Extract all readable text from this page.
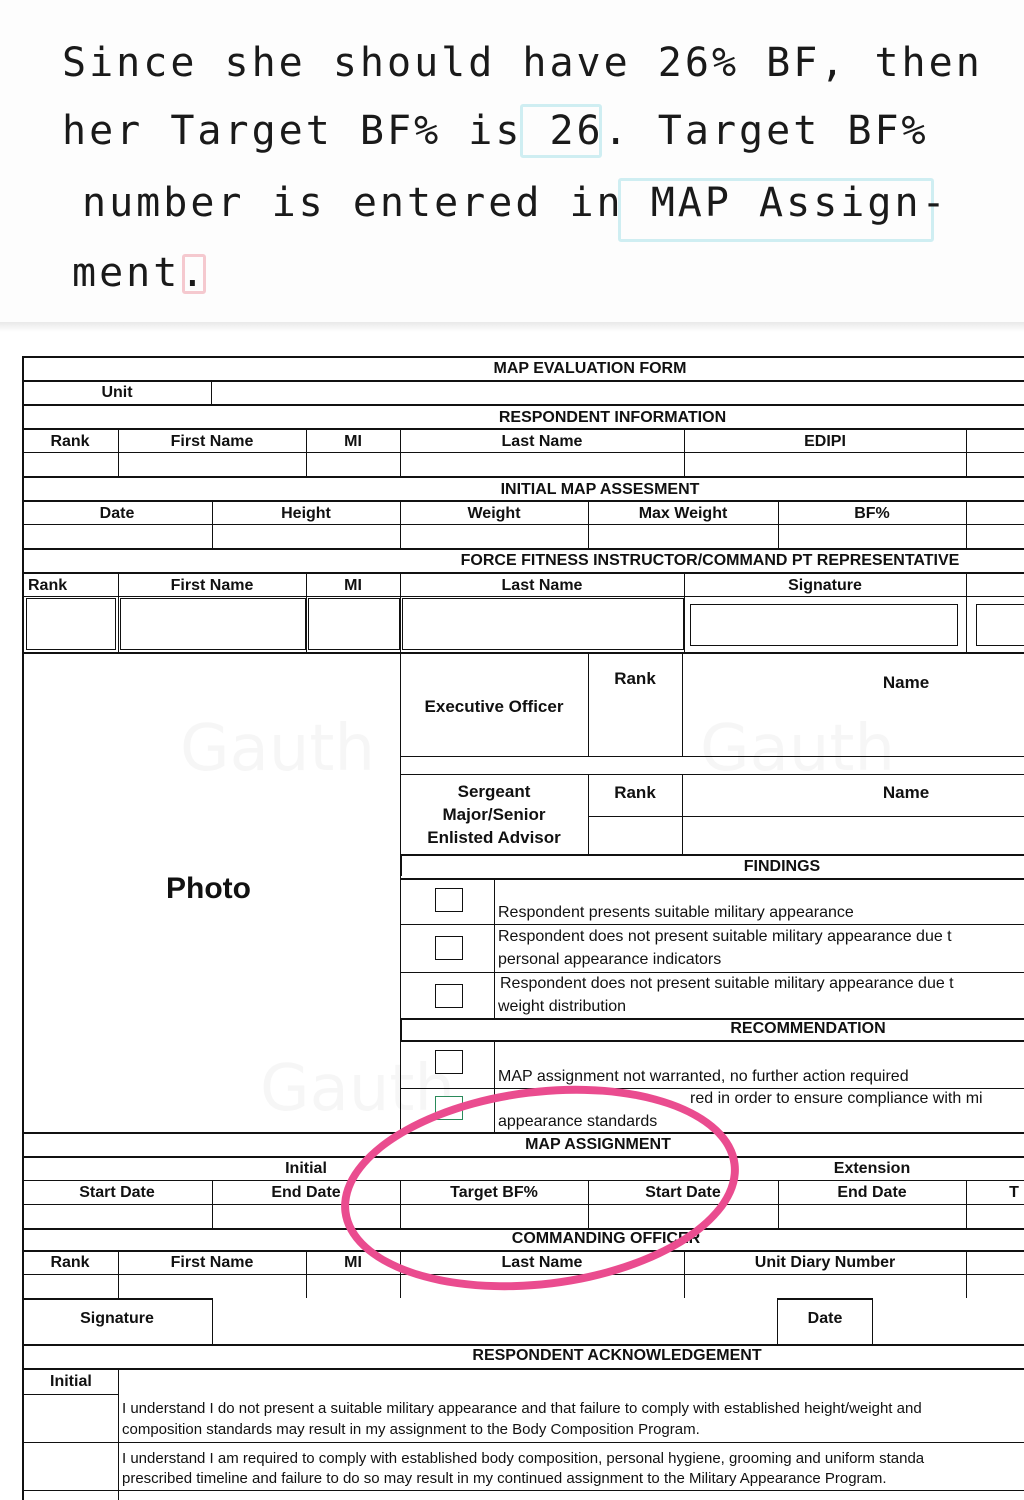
Since she should have 26% BF, then
her Target BF% is 26. Target BF%
number is entered in MAP Assign-
ment.
MAP EVALUATION FORM
Unit
RESPONDENT INFORMATION
Rank	First Name	MI	Last Name	EDIPI
INITIAL MAP ASSESMENT
Date	Height	Weight	Max Weight	BF%
FORCE FITNESS INSTRUCTOR/COMMAND PT REPRESENTATIVE
Rank	First Name	MI	Last Name	Signature
Photo
Executive Officer
Rank	Name
Sergeant Major/Senior Enlisted Advisor
Rank	Name
FINDINGS
Respondent presents suitable military appearance
Respondent does not present suitable military appearance due t
personal appearance indicators
Respondent does not present suitable military appearance due t
weight distribution
RECOMMENDATION
MAP assignment not warranted, no further action required
red in order to ensure compliance with mi
appearance standards
MAP ASSIGNMENT
Initial	Extension
Start Date	End Date	Target BF%	Start Date	End Date	T
COMMANDING OFFICER
Rank	First Name	MI	Last Name	Unit Diary Number
Signature	Date
RESPONDENT ACKNOWLEDGEMENT
Initial
I understand I do not present a suitable military appearance and that failure to comply with established height/weight and
composition standards may result in my assignment to the Body Composition Program.
I understand I am required to comply with established body composition, personal hygiene, grooming and uniform standa
prescribed timeline and failure to do so may result in my continued assignment to the Military Appearance Program.
